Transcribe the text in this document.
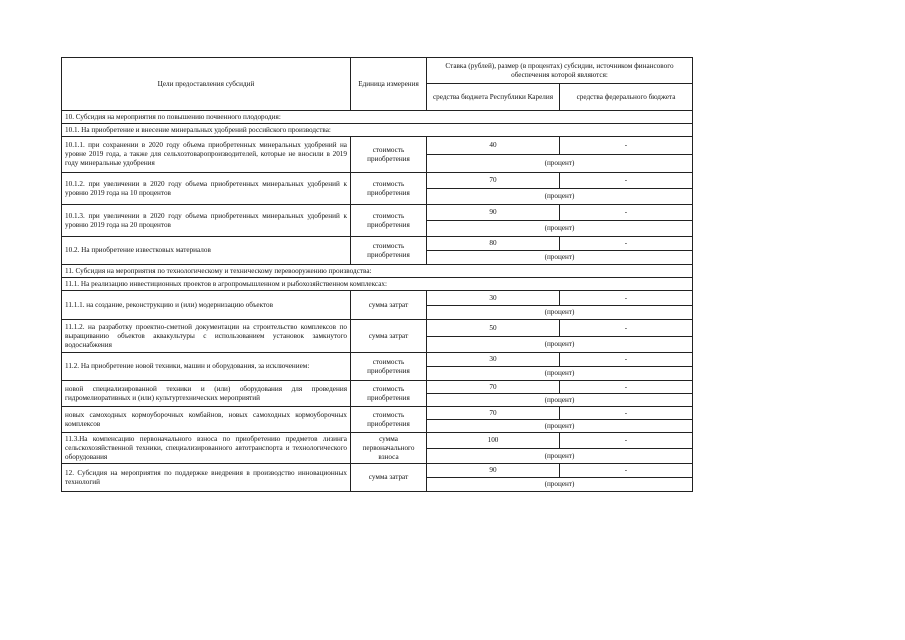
Цели предоставления субсидий	Единица измерения	Ставка (рублей), размер (в процентах) субсидии, источником финансового обеспечения которой являются:	
		средства бюджета Республики Карелия	средства федерального бюджета
10. Субсидия на мероприятия по повышению почвенного плодородия:			
10.1. На приобретение и внесение минеральных удобрений российского производства:			
10.1.1. при сохранении в 2020 году объема приобретенных минеральных удобрений на уровне 2019 года, а также для сельхозтоваропроизводителей, которые не вносили в 2019 году минеральные удобрения	стоимость приобретения	40	-
		(процент)	
10.1.2. при увеличении в 2020 году объема приобретенных минеральных удобрений к уровню 2019 года на 10 процентов	стоимость приобретения	70	-
		(процент)	
10.1.3. при увеличении в 2020 году объема приобретенных минеральных удобрений к уровню 2019 года на 20 процентов	стоимость приобретения	90	-
		(процент)	
10.2. На приобретение известковых материалов	стоимость приобретения	80	-
		(процент)	
11. Субсидия на мероприятия по технологическому и техническому перевооружению производства:			
11.1. На реализацию инвестиционных проектов в агропромышленном и рыбохозяйственном комплексах:			
11.1.1. на создание, реконструкцию и (или) модернизацию объектов	сумма затрат	30	-
		(процент)	
11.1.2. на разработку проектно-сметной документации на строительство комплексов по выращиванию объектов аквакультуры с использованием установок замкнутого водоснабжения	сумма затрат	50	-
		(процент)	
11.2. На приобретение новой техники, машин и оборудования, за исключением:	стоимость приобретения	30	-
		(процент)	
новой специализированной техники и (или) оборудования для проведения гидромелиоративных и (или) культуртехнических мероприятий	стоимость приобретения	70	-
		(процент)	
новых самоходных кормоуборочных комбайнов, новых самоходных кормоуборочных комплексов	стоимость приобретения	70	-
		(процент)	
11.3.На компенсацию первоначального взноса по приобретению предметов лизинга сельскохозяйственной техники, специализированного автотранспорта и технологического оборудования	сумма первоначального взноса	100	-
		(процент)	
12. Субсидия на мероприятия по поддержке внедрения в производство инновационных технологий	сумма затрат	90	-
		(процент)	
